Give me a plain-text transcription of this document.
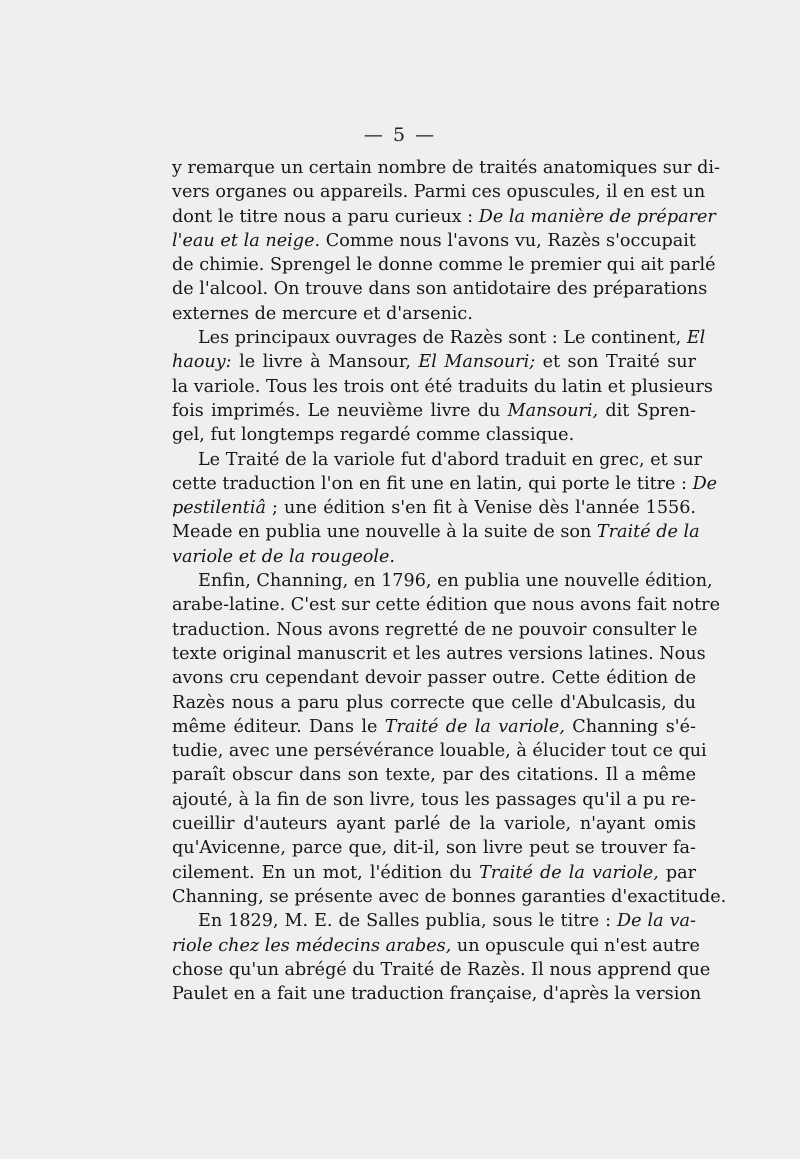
— 5 —
y remarque un certain nombre de traités anatomiques sur di-
vers organes ou appareils. Parmi ces opuscules, il en est un
dont le titre nous a paru curieux : De la manière de préparer
l'eau et la neige. Comme nous l'avons vu, Razès s'occupait
de chimie. Sprengel le donne comme le premier qui ait parlé
de l'alcool. On trouve dans son antidotaire des préparations
externes de mercure et d'arsenic.
Les principaux ouvrages de Razès sont : Le continent, El
haouy: le livre à Mansour, El Mansouri; et son Traité sur
la variole. Tous les trois ont été traduits du latin et plusieurs
fois imprimés. Le neuvième livre du Mansouri, dit Spren-
gel, fut longtemps regardé comme classique.
Le Traité de la variole fut d'abord traduit en grec, et sur
cette traduction l'on en fit une en latin, qui porte le titre : De
pestilentiâ ; une édition s'en fit à Venise dès l'année 1556.
Meade en publia une nouvelle à la suite de son Traité de la
variole et de la rougeole.
Enfin, Channing, en 1796, en publia une nouvelle édition,
arabe-latine. C'est sur cette édition que nous avons fait notre
traduction. Nous avons regretté de ne pouvoir consulter le
texte original manuscrit et les autres versions latines. Nous
avons cru cependant devoir passer outre. Cette édition de
Razès nous a paru plus correcte que celle d'Abulcasis, du
même éditeur. Dans le Traité de la variole, Channing s'é-
tudie, avec une persévérance louable, à élucider tout ce qui
paraît obscur dans son texte, par des citations. Il a même
ajouté, à la fin de son livre, tous les passages qu'il a pu re-
cueillir d'auteurs ayant parlé de la variole, n'ayant omis
qu'Avicenne, parce que, dit-il, son livre peut se trouver fa-
cilement. En un mot, l'édition du Traité de la variole, par
Channing, se présente avec de bonnes garanties d'exactitude.
En 1829, M. E. de Salles publia, sous le titre : De la va-
riole chez les médecins arabes, un opuscule qui n'est autre
chose qu'un abrégé du Traité de Razès. Il nous apprend que
Paulet en a fait une traduction française, d'après la version
